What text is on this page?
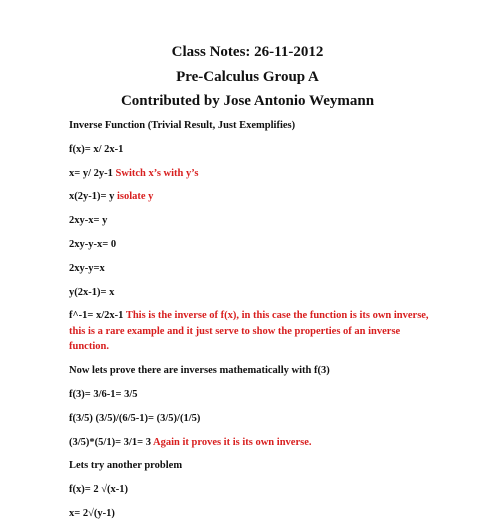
Class Notes: 26-11-2012
Pre-Calculus Group A
Contributed by Jose Antonio Weymann
Inverse Function (Trivial Result, Just Exemplifies)
f(x)= x/ 2x-1
x= y/ 2y-1 Switch x’s with y’s
x(2y-1)= y isolate y
2xy-x= y
2xy-y-x= 0
2xy-y=x
y(2x-1)= x
f^-1= x/2x-1 This is the inverse of f(x), in this case the function is its own inverse, this is a rare example and it just serve to show the properties of an inverse function.
Now lets prove there are inverses mathematically with f(3)
f(3)= 3/6-1= 3/5
f(3/5) (3/5)/(6/5-1)= (3/5)/(1/5)
(3/5)*(5/1)= 3/1= 3 Again it proves it is its own inverse.
Lets try another problem
f(x)= 2 √(x-1)
x= 2√(y-1)
